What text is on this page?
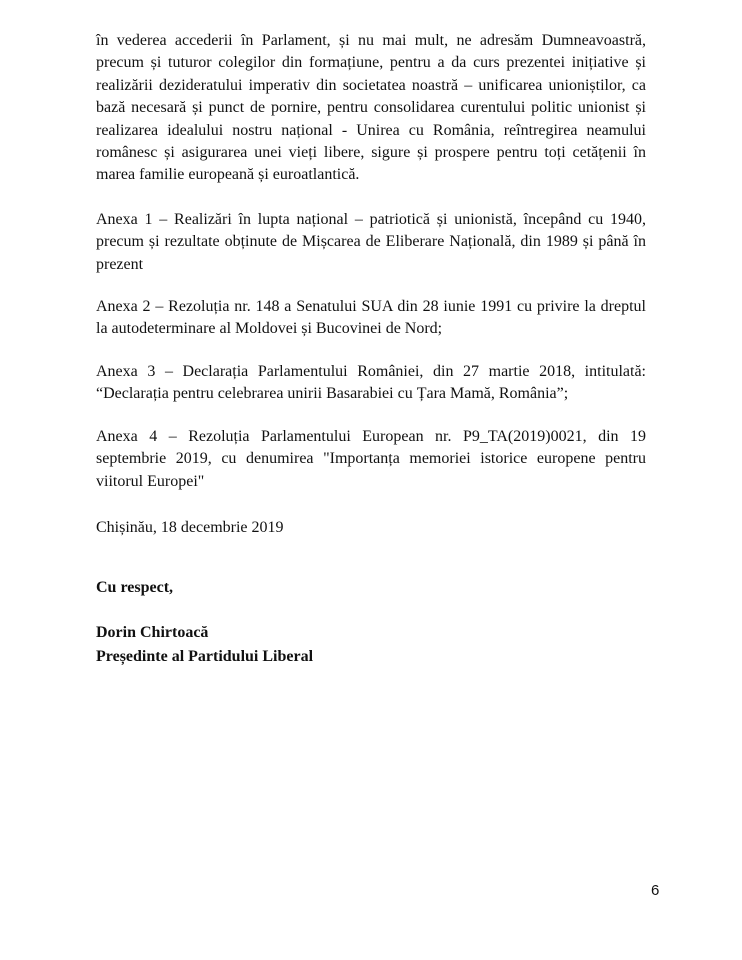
în vederea accederii în Parlament, și nu mai mult, ne adresăm Dumneavoastră, precum și tuturor colegilor din formațiune, pentru a da curs prezentei inițiative și realizării dezideratului imperativ din societatea noastră – unificarea unioniștilor, ca bază necesară și punct de pornire, pentru consolidarea curentului politic unionist și realizarea idealului nostru național - Unirea cu România, reîntregirea neamului românesc și asigurarea unei vieți libere, sigure și prospere pentru toți cetățenii în marea familie europeană și euroatlantică.

Anexa 1 – Realizări în lupta național – patriotică și unionistă, începând cu 1940, precum și rezultate obținute de Mișcarea de Eliberare Națională, din 1989 și până în prezent

Anexa 2 – Rezoluția nr. 148 a Senatului SUA din 28 iunie 1991 cu privire la dreptul la autodeterminare al Moldovei și Bucovinei de Nord;

Anexa 3 – Declarația Parlamentului României, din 27 martie 2018, intitulată: “Declarația pentru celebrarea unirii Basarabiei cu Țara Mamă, România”;

Anexa 4 – Rezoluția Parlamentului European nr. P9_TA(2019)0021, din 19 septembrie 2019, cu denumirea "Importanța memoriei istorice europene pentru viitorul Europei"

Chișinău, 18 decembrie 2019

Cu respect,

Dorin Chirtoacă
Președinte al Partidului Liberal
6
